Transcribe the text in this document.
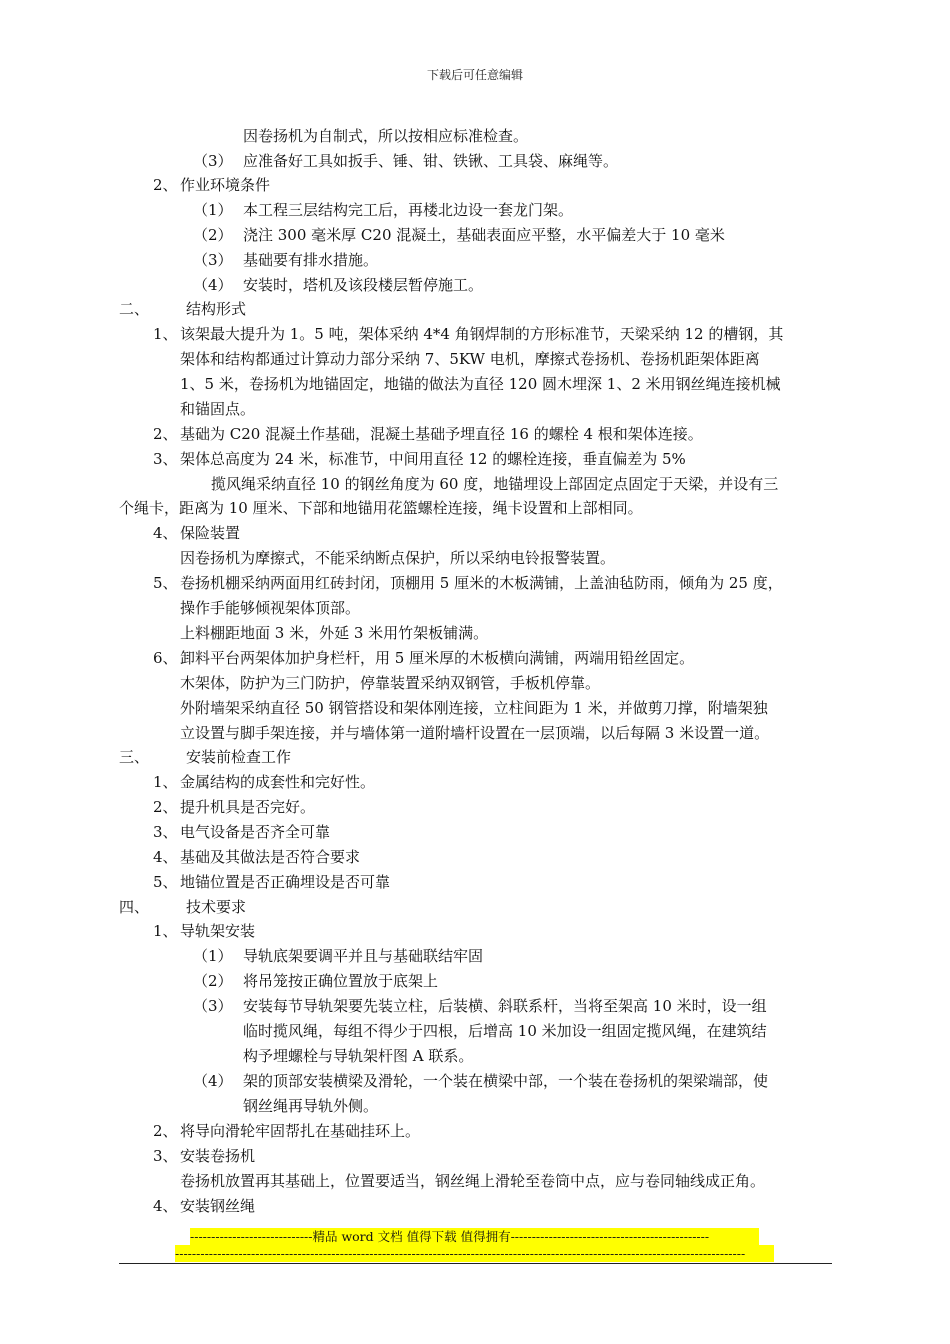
下载后可任意编辑
因卷扬机为自制式，所以按相应标准检查。
（3） 应准备好工具如扳手、锤、钳、铁锹、工具袋、麻绳等。
2、 作业环境条件
（1） 本工程三层结构完工后，再楼北边设一套龙门架。
（2） 浇注 300 毫米厚 C20 混凝土，基础表面应平整，水平偏差大于 10 毫米
（3） 基础要有排水措施。
（4） 安装时，塔机及该段楼层暂停施工。
二、 结构形式
1、 该架最大提升为 1。5 吨，架体采纳 4*4 角钢焊制的方形标准节，天梁采纳 12 的槽钢，其
架体和结构都通过计算动力部分采纳 7、5KW 电机，摩擦式卷扬机、卷扬机距架体距离
1、5 米，卷扬机为地锚固定，地锚的做法为直径 120 圆木埋深 1、2 米用钢丝绳连接机械
和锚固点。
2、 基础为 C20 混凝土作基础，混凝土基础予埋直径 16 的螺栓 4 根和架体连接。
3、 架体总高度为 24 米，标准节，中间用直径 12 的螺栓连接，垂直偏差为 5%
揽风绳采纳直径 10 的钢丝角度为 60 度，地锚埋设上部固定点固定于天梁，并设有三
个绳卡，距离为 10 厘米、下部和地锚用花篮螺栓连接，绳卡设置和上部相同。
4、 保险装置
因卷扬机为摩擦式，不能采纳断点保护，所以采纳电铃报警装置。
5、 卷扬机棚采纳两面用红砖封闭，顶棚用 5 厘米的木板满铺，上盖油毡防雨，倾角为 25 度，
操作手能够倾视架体顶部。
上料棚距地面 3 米，外延 3 米用竹架板铺满。
6、 卸料平台两架体加护身栏杆，用 5 厘米厚的木板横向满铺，两端用铅丝固定。
木架体，防护为三门防护，停靠装置采纳双钢管，手板机停靠。
外附墙架采纳直径 50 钢管搭设和架体刚连接，立柱间距为 1 米，并做剪刀撑，附墙架独
立设置与脚手架连接，并与墙体第一道附墙杆设置在一层顶端，以后每隔 3 米设置一道。
三、 安装前检查工作
1、 金属结构的成套性和完好性。
2、 提升机具是否完好。
3、 电气设备是否齐全可靠
4、 基础及其做法是否符合要求
5、 地锚位置是否正确埋设是否可靠
四、 技术要求
1、 导轨架安装
（1） 导轨底架要调平并且与基础联结牢固
（2） 将吊笼按正确位置放于底架上
（3） 安装每节导轨架要先装立柱，后装横、斜联系杆，当将至架高 10 米时，设一组
临时揽风绳，每组不得少于四根，后增高 10 米加设一组固定揽风绳，在建筑结
构予埋螺栓与导轨架杆图 A 联系。
（4） 架的顶部安装横梁及滑轮，一个装在横梁中部，一个装在卷扬机的架梁端部，使
钢丝绳再导轨外侧。
2、 将导向滑轮牢固帮扎在基础挂环上。
3、 安装卷扬机
卷扬机放置再其基础上，位置要适当，钢丝绳上滑轮至卷筒中点，应与卷同轴线成正角。
4、 安装钢丝绳
-----------------------------精品 word 文档 值得下载 值得拥有-----------------------------------------------
---------------------------------------------------------------------------------------------------------------------------------------
